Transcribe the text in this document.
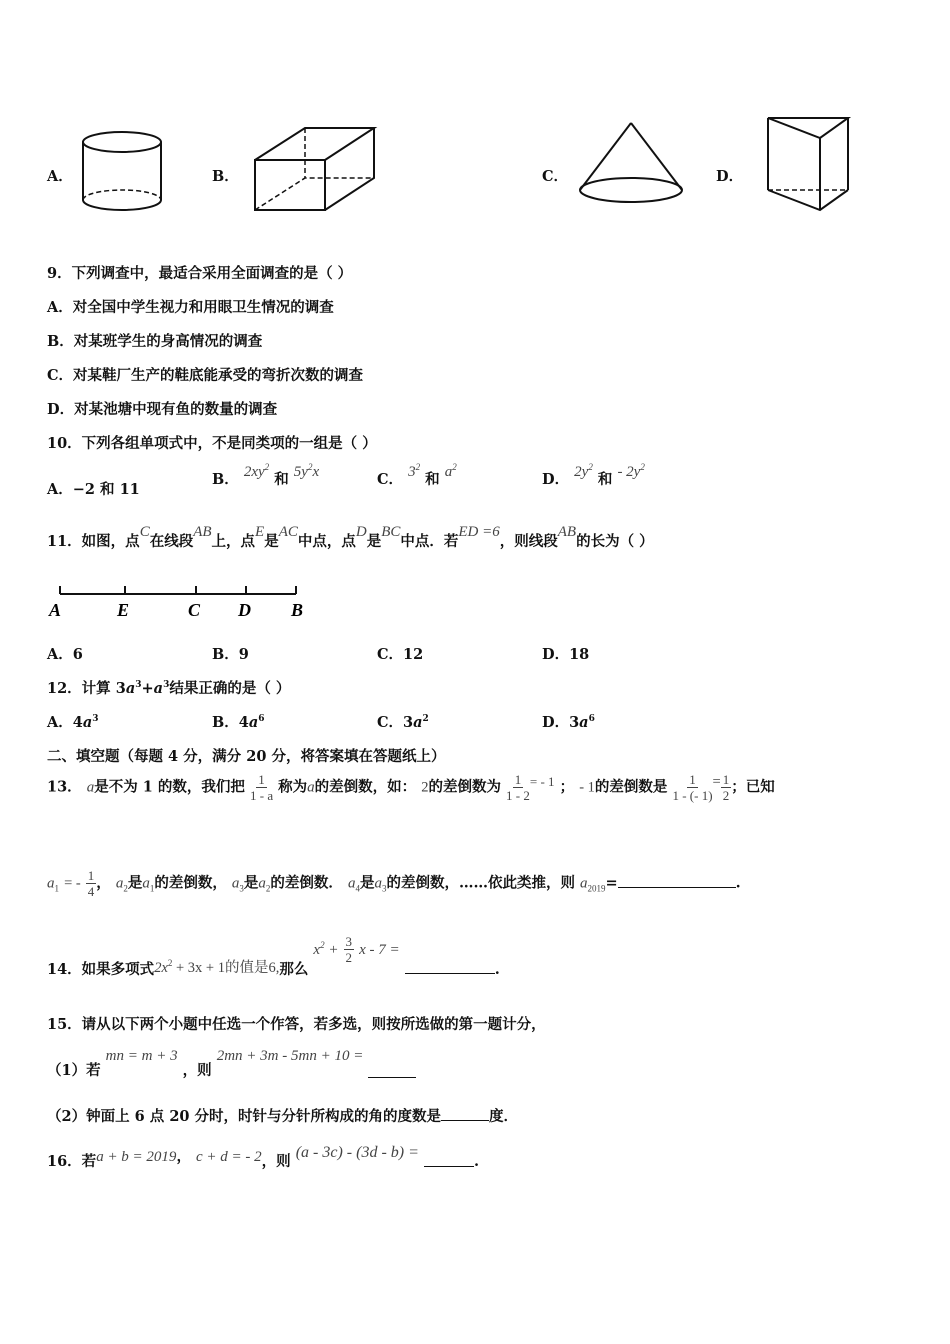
A．	B．	C．	D．
9．下列调查中，最适合采用全面调查的是（ ）
A．对全国中学生视力和用眼卫生情况的调查
B．对某班学生的身高情况的调查
C．对某鞋厂生产的鞋底能承受的弯折次数的调查
D．对某池塘中现有鱼的数量的调查
10．下列各组单项式中，不是同类项的一组是（ ）
A．−2 和 11
B． $2xy^2$ 和 $5y^2x$	C． $3^2$ 和 $a^2$
D． $2y^2$ 和 - $2y^2$
11．如图，点C在线段AB上，点E是AC中点，点D是BC中点．若ED =6，则线段AB的长为（ ）
A	E	C D B
A．6	B．9	C．12	D．18
12．计算 $3a^3+a^3$结果正确的是（ ）
A．$4a^3$	B．$4a^6$	C．$3a^2$	D．$3a^6$
二、填空题（每题 4 分，满分 20 分，将答案填在答题纸上）
13． a是不为 1 的数，我们把 $\frac{1}{1 - a}$ 称为a的差倒数，如： 2的差倒数为 $\frac{1}{1 - 2}$ = - 1 ； - 1的差倒数是 $\frac{1}{1 - (- 1)} = \frac{1}{2}$ ；已知
$a_1$ = - $\frac{1}{4}$ ， $a_2$是$a_1$的差倒数， $a_3$是$a_2$的差倒数． $a_4$是$a_3$的差倒数，……依此类推，则 $a_{2019}=$	.
14．如果多项式$2x^2 + 3x + 1$的值是6,那么 $x^2 + \frac{3}{2}$ x - 7 = .
15．请从以下两个小题中任选一个作答，若多选，则按所选做的第一题计分，
（1）若 mn = m + 3 ，则 2mn + 3m - 5mn + 10 =
（2）钟面上 6 点 20 分时，时针与分针所构成的角的度数是	度．
16．若a + b = 2019， c + d = - 2，则 (a - 3c) - (3d - b) = .
